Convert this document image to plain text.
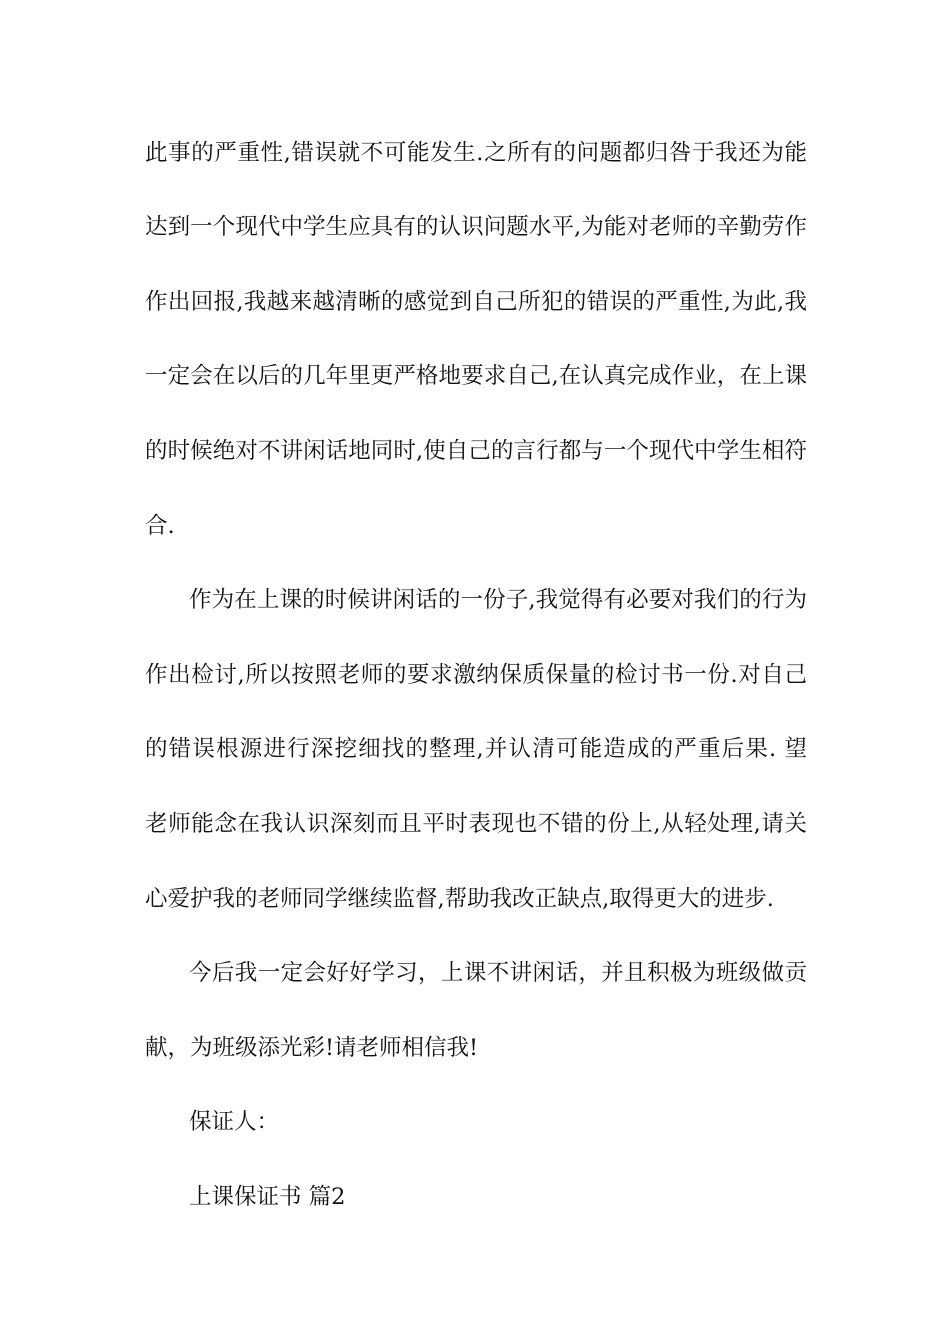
此事的严重性,错误就不可能发生.之所有的问题都归咎于我还为能
达到一个现代中学生应具有的认识问题水平,为能对老师的辛勤劳作
作出回报,我越来越清晰的感觉到自己所犯的错误的严重性,为此,我
一定会在以后的几年里更严格地要求自己,在认真完成作业，在上课
的时候绝对不讲闲话地同时,使自己的言行都与一个现代中学生相符
合.
作为在上课的时候讲闲话的一份子,我觉得有必要对我们的行为
作出检讨,所以按照老师的要求激纳保质保量的检讨书一份.对自己
的错误根源进行深挖细找的整理,并认清可能造成的严重后果. 望
老师能念在我认识深刻而且平时表现也不错的份上,从轻处理,请关
心爱护我的老师同学继续监督,帮助我改正缺点,取得更大的进步.
今后我一定会好好学习，上课不讲闲话，并且积极为班级做贡
献，为班级添光彩!请老师相信我!
保证人：
上课保证书 篇2
